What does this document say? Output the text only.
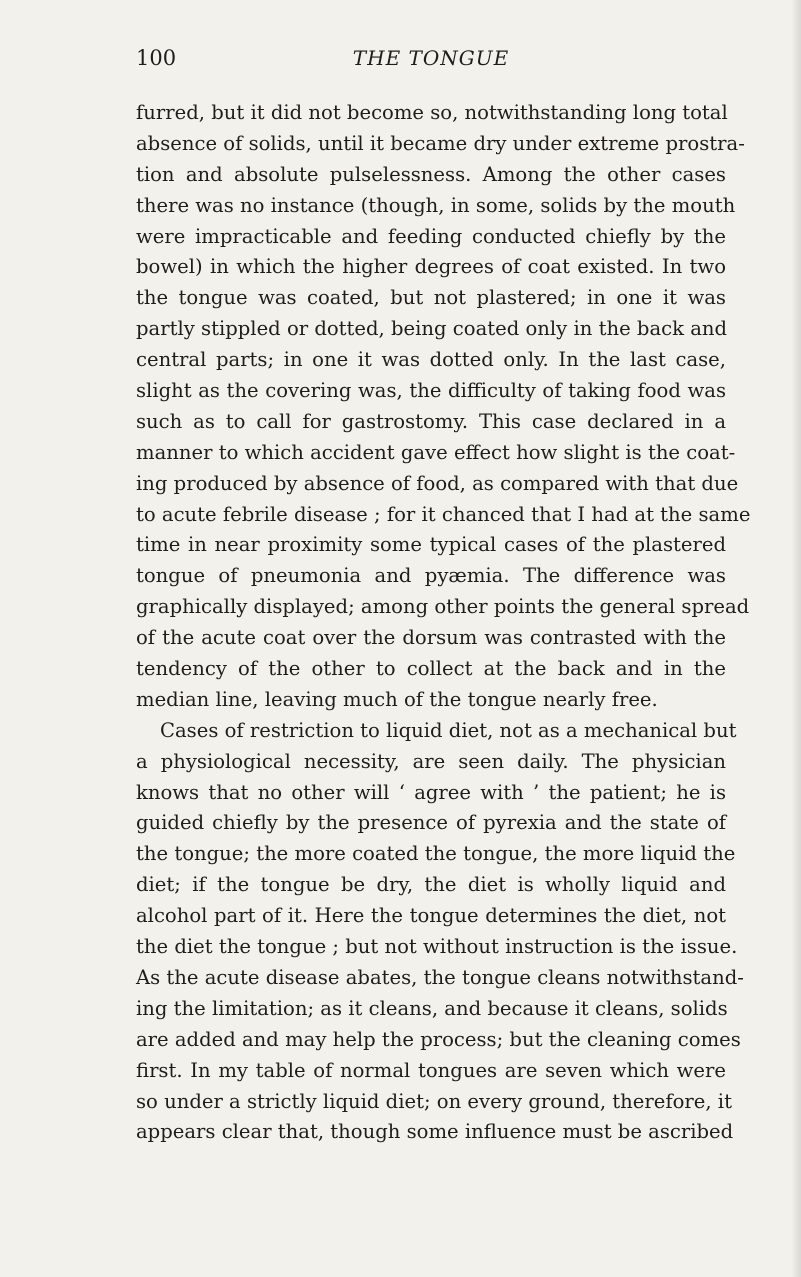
100	THE TONGUE
furred, but it did not become so, notwithstanding long total
absence of solids, until it became dry under extreme prostra-
tion and absolute pulselessness. Among the other cases
there was no instance (though, in some, solids by the mouth
were impracticable and feeding conducted chiefly by the
bowel) in which the higher degrees of coat existed. In two
the tongue was coated, but not plastered; in one it was
partly stippled or dotted, being coated only in the back and
central parts; in one it was dotted only. In the last case,
slight as the covering was, the difficulty of taking food was
such as to call for gastrostomy. This case declared in a
manner to which accident gave effect how slight is the coat-
ing produced by absence of food, as compared with that due
to acute febrile disease ; for it chanced that I had at the same
time in near proximity some typical cases of the plastered
tongue of pneumonia and pyæmia. The difference was
graphically displayed; among other points the general spread
of the acute coat over the dorsum was contrasted with the
tendency of the other to collect at the back and in the
median line, leaving much of the tongue nearly free.
Cases of restriction to liquid diet, not as a mechanical but
a physiological necessity, are seen daily. The physician
knows that no other will ‘ agree with ’ the patient; he is
guided chiefly by the presence of pyrexia and the state of
the tongue; the more coated the tongue, the more liquid the
diet; if the tongue be dry, the diet is wholly liquid and
alcohol part of it. Here the tongue determines the diet, not
the diet the tongue ; but not without instruction is the issue.
As the acute disease abates, the tongue cleans notwithstand-
ing the limitation; as it cleans, and because it cleans, solids
are added and may help the process; but the cleaning comes
first. In my table of normal tongues are seven which were
so under a strictly liquid diet; on every ground, therefore, it
appears clear that, though some influence must be ascribed
